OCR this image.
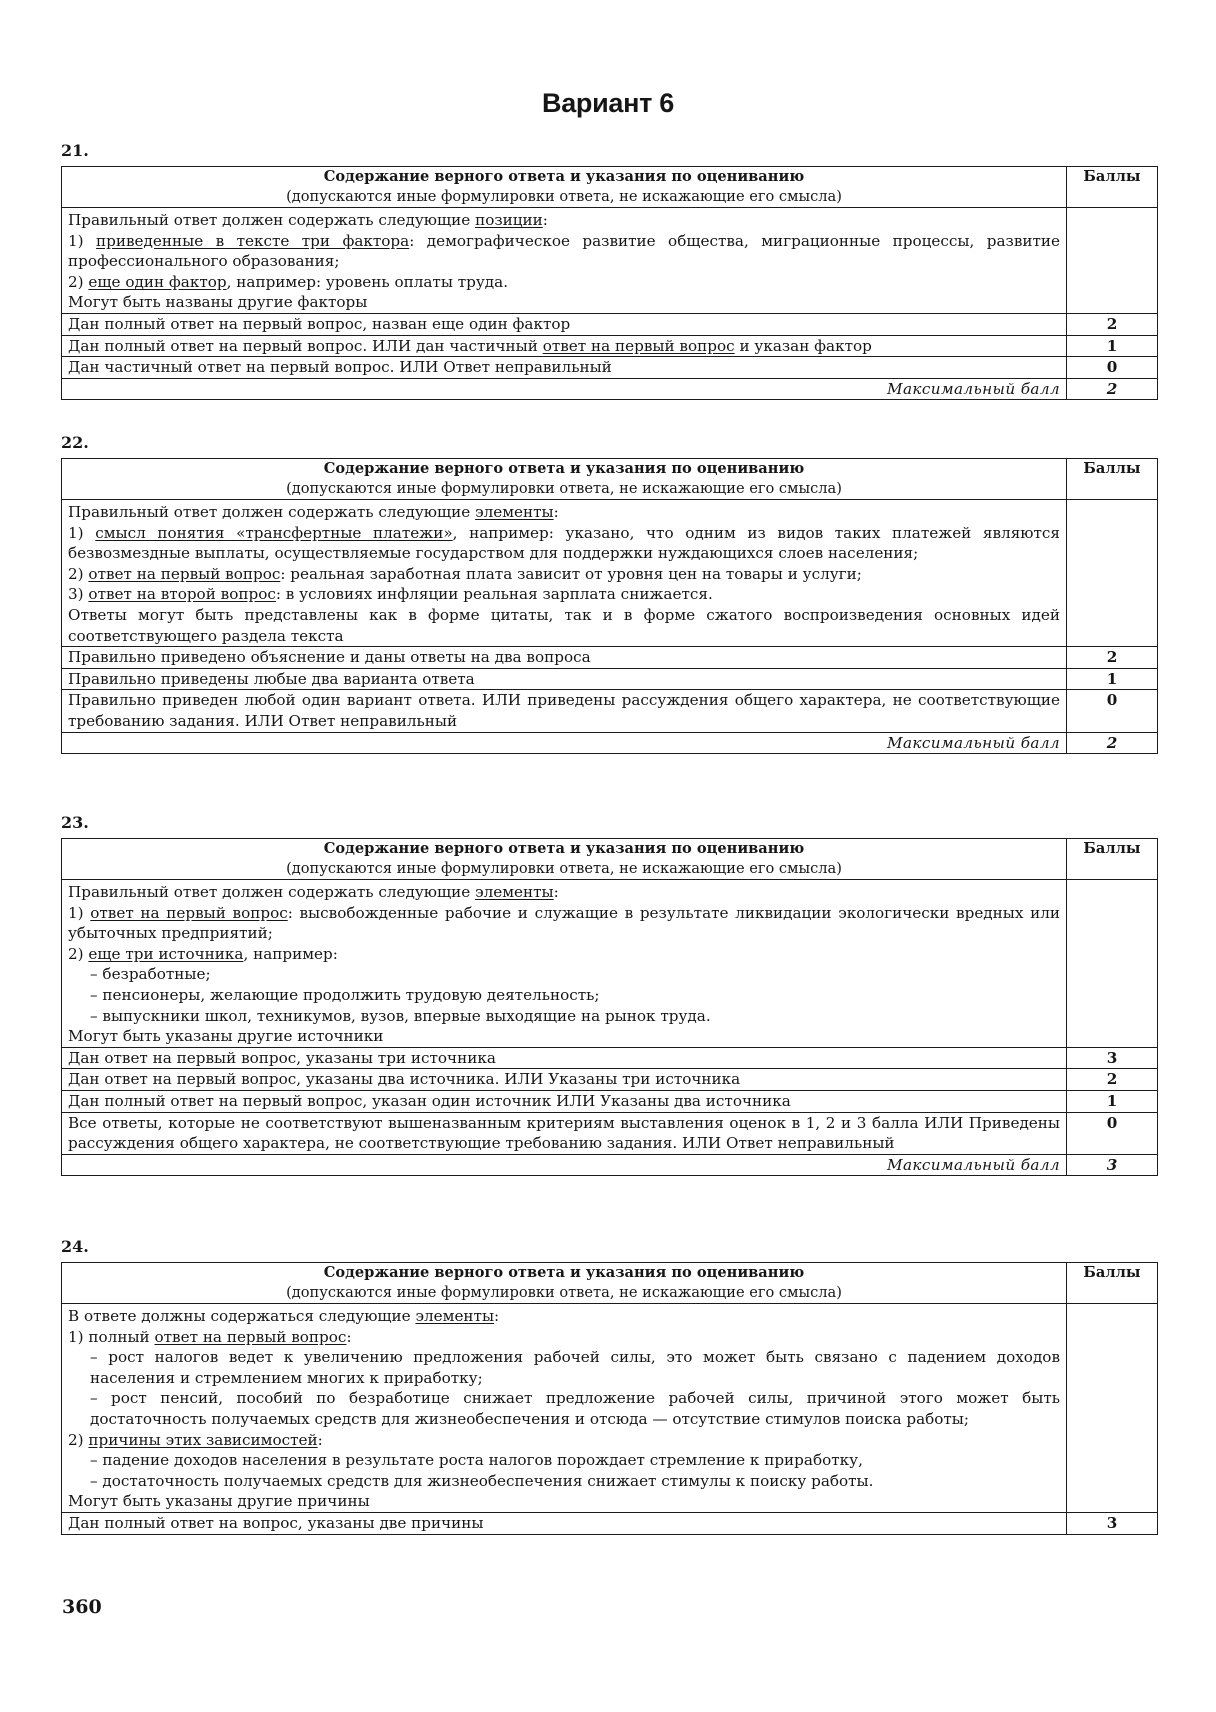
Вариант 6
21.
Содержание верного ответа и указания по оцениванию
(допускаются иные формулировки ответа, не искажающие его смысла)	Баллы

Правильный ответ должен содержать следующие позиции:
1) приведенные в тексте три фактора: демографическое развитие общества, миграционные процессы, развитие профессионального образования;
2) еще один фактор, например: уровень оплаты труда.
Могут быть названы другие факторы	

Дан полный ответ на первый вопрос, назван еще один фактор	2
Дан полный ответ на первый вопрос. ИЛИ дан частичный ответ на первый вопрос и указан фактор	1
Дан частичный ответ на первый вопрос. ИЛИ Ответ неправильный	0
Максимальный балл	2
22.
Содержание верного ответа и указания по оцениванию
(допускаются иные формулировки ответа, не искажающие его смысла)	Баллы

Правильный ответ должен содержать следующие элементы:
1) смысл понятия «трансфертные платежи», например: указано, что одним из видов таких платежей являются безвозмездные выплаты, осуществляемые государством для поддержки нуждающихся слоев населения;
2) ответ на первый вопрос: реальная заработная плата зависит от уровня цен на товары и услуги;
3) ответ на второй вопрос: в условиях инфляции реальная зарплата снижается.
Ответы могут быть представлены как в форме цитаты, так и в форме сжатого воспроизведения основных идей соответствующего раздела текста	

Правильно приведено объяснение и даны ответы на два вопроса	2
Правильно приведены любые два варианта ответа	1
Правильно приведен любой один вариант ответа. ИЛИ приведены рассуждения общего характера, не соответствующие требованию задания. ИЛИ Ответ неправильный	0
Максимальный балл	2
23.
Содержание верного ответа и указания по оцениванию
(допускаются иные формулировки ответа, не искажающие его смысла)	Баллы

Правильный ответ должен содержать следующие элементы:
1) ответ на первый вопрос: высвобожденные рабочие и служащие в результате ликвидации экологически вредных или убыточных предприятий;
2) еще три источника, например:
– безработные;
– пенсионеры, желающие продолжить трудовую деятельность;
– выпускники школ, техникумов, вузов, впервые выходящие на рынок труда.
Могут быть указаны другие источники

Дан ответ на первый вопрос, указаны три источника	3
Дан ответ на первый вопрос, указаны два источника. ИЛИ Указаны три источника	2
Дан полный ответ на первый вопрос, указан один источник ИЛИ Указаны два источника	1
Все ответы, которые не соответствуют вышеназванным критериям выставления оценок в 1, 2 и 3 балла ИЛИ Приведены рассуждения общего характера, не соответствующие требованию задания. ИЛИ Ответ неправильный	0
Максимальный балл	3
24.
Содержание верного ответа и указания по оцениванию
(допускаются иные формулировки ответа, не искажающие его смысла)	Баллы

В ответе должны содержаться следующие элементы:
1) полный ответ на первый вопрос:
– рост налогов ведет к увеличению предложения рабочей силы, это может быть связано с падением доходов населения и стремлением многих к приработку;
– рост пенсий, пособий по безработице снижает предложение рабочей силы, причиной этого может быть достаточность получаемых средств для жизнеобеспечения и отсюда — отсутствие стимулов поиска работы;
2) причины этих зависимостей:
– падение доходов населения в результате роста налогов порождает стремление к приработку,
– достаточность получаемых средств для жизнеобеспечения снижает стимулы к поиску работы.
Могут быть указаны другие причины

Дан полный ответ на вопрос, указаны две причины	3
360
